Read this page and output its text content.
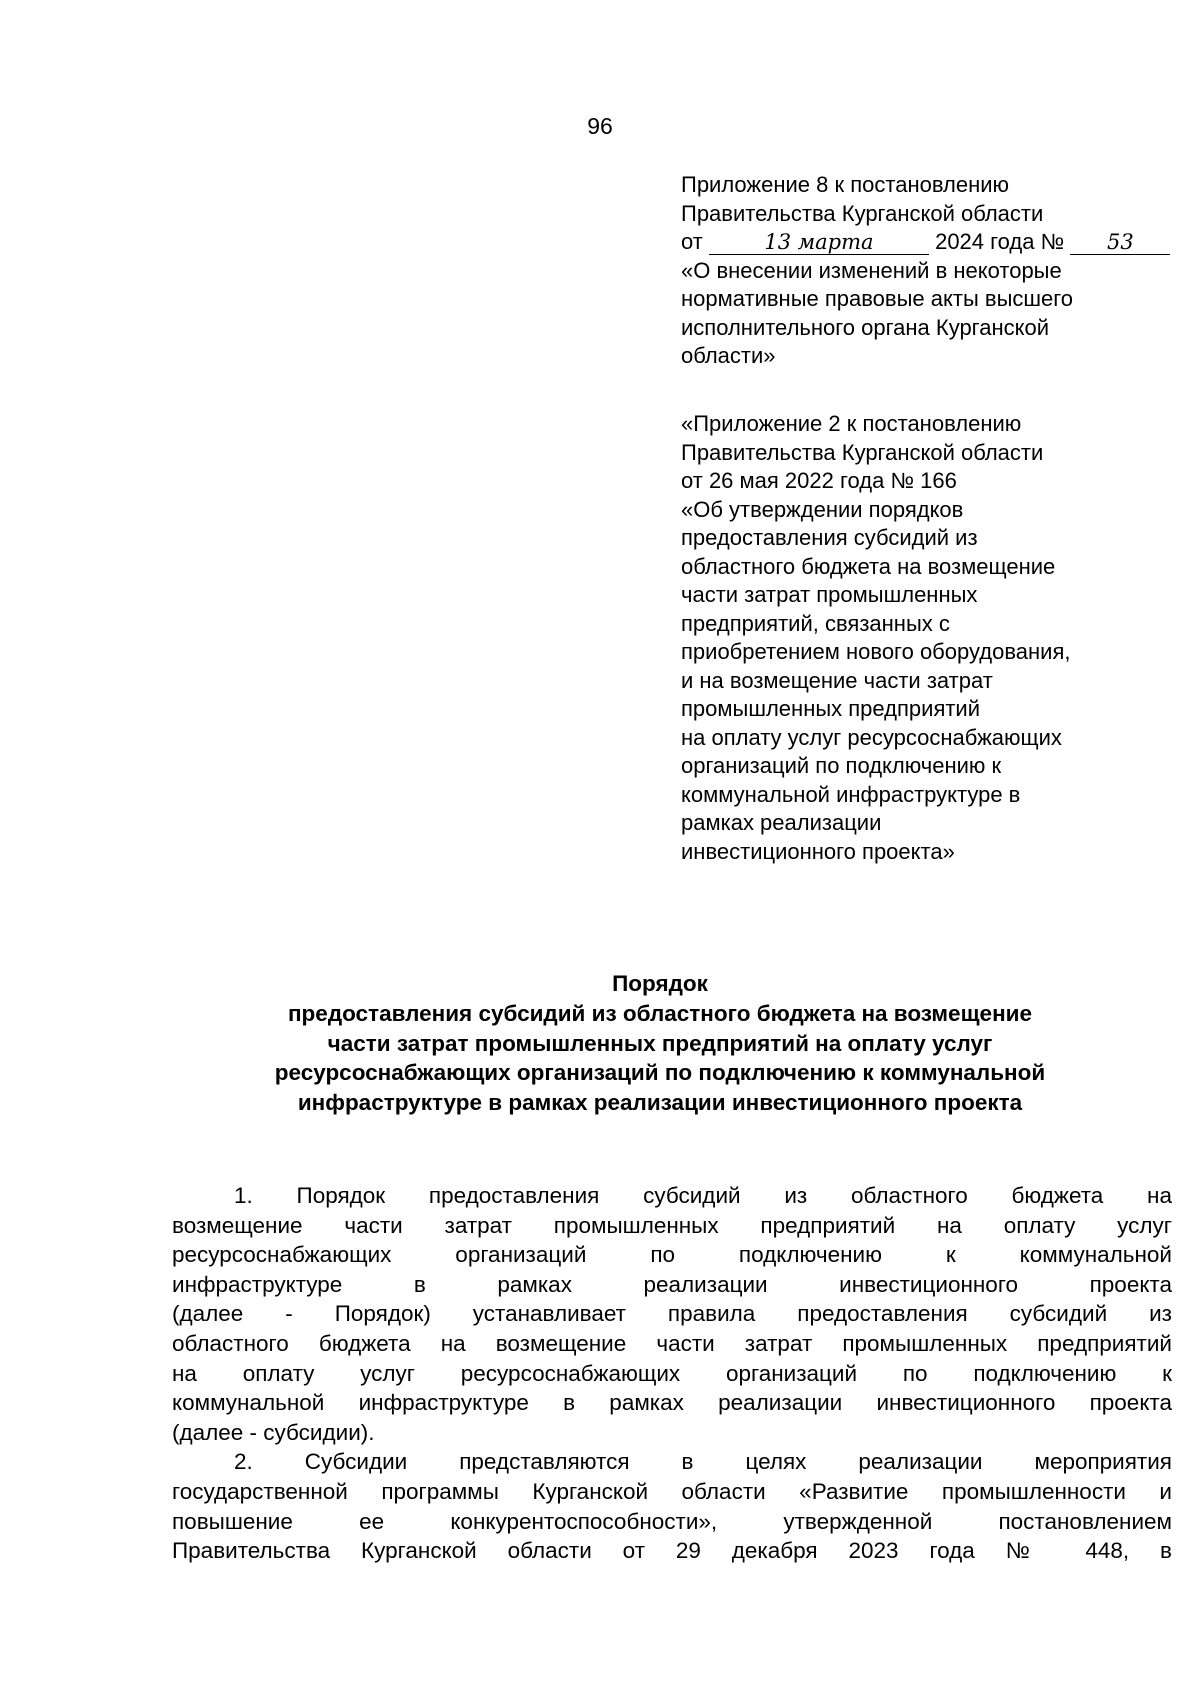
96
Приложение 8 к постановлению
Правительства Курганской области
от	13 марта	2024 года № 53
«О внесении изменений в некоторые
нормативные правовые акты высшего
исполнительного органа Курганской
области»
«Приложение 2 к постановлению
Правительства Курганской области
от 26 мая 2022 года № 166
«Об утверждении порядков
предоставления субсидий из
областного бюджета на возмещение
части затрат промышленных
предприятий, связанных с
приобретением нового оборудования,
и на возмещение части затрат
промышленных предприятий
на оплату услуг ресурсоснабжающих
организаций по подключению к
коммунальной инфраструктуре в
рамках реализации
инвестиционного проекта»
Порядок
предоставления субсидий из областного бюджета на возмещение
части затрат промышленных предприятий на оплату услуг
ресурсоснабжающих организаций по подключению к коммунальной
инфраструктуре в рамках реализации инвестиционного проекта
1. Порядок предоставления субсидий из областного бюджета на
возмещение части затрат промышленных предприятий на оплату услуг
ресурсоснабжающих организаций по подключению к коммунальной
инфраструктуре в рамках реализации инвестиционного проекта
(далее - Порядок) устанавливает правила предоставления субсидий из
областного бюджета на возмещение части затрат промышленных предприятий
на оплату услуг ресурсоснабжающих организаций по подключению к
коммунальной инфраструктуре в рамках реализации инвестиционного проекта
(далее - субсидии).
2. Субсидии представляются в целях реализации мероприятия
государственной программы Курганской области «Развитие промышленности и
повышение ее конкурентоспособности», утвержденной постановлением
Правительства Курганской области от 29 декабря 2023 года № 448, в
